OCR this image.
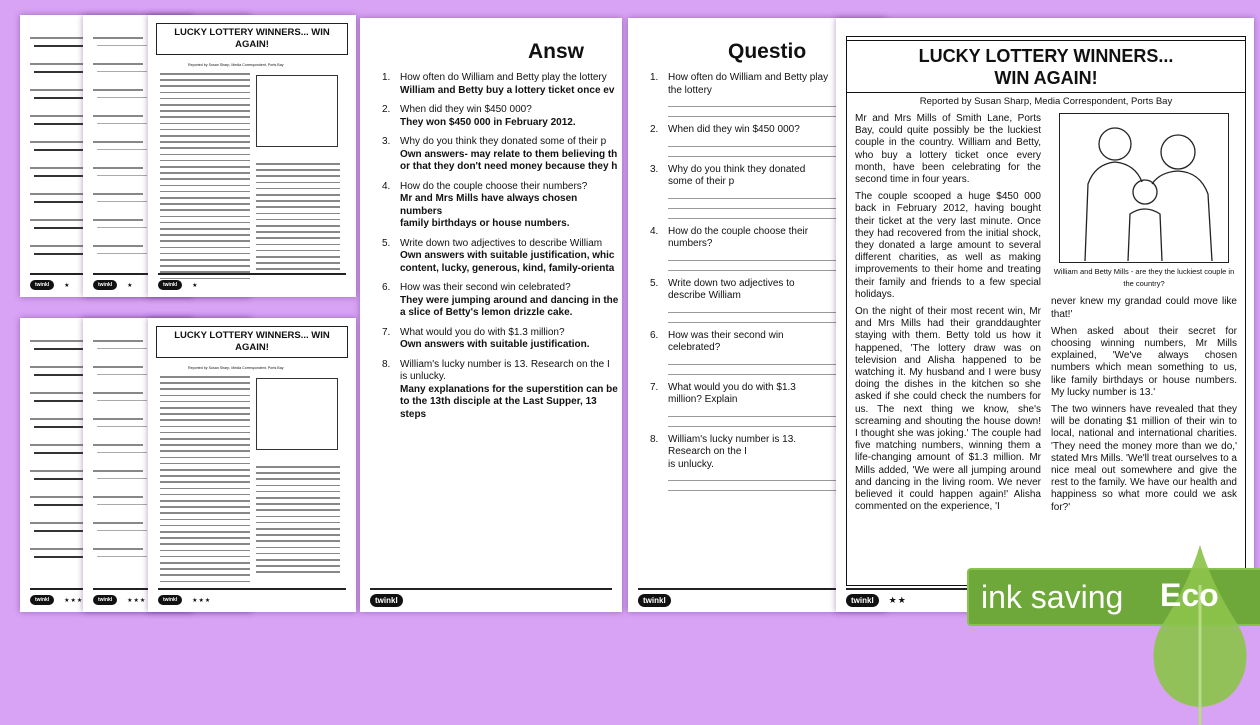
twinkl	★	twinkl	★
LUCKY LOTTERY WINNERS... WIN AGAIN!
Reported by Susan Sharp, Media Correspondent, Ports Bay
twinkl	★
twinkl	★★★	twinkl	★★★
LUCKY LOTTERY WINNERS... WIN AGAIN!
Reported by Susan Sharp, Media Correspondent, Ports Bay
twinkl	★★★
Answ
1. How often do William and Betty play the lottery
William and Betty buy a lottery ticket once ev
2. When did they win $450 000?
They won $450 000 in February 2012.
3. Why do you think they donated some of their p
Own answers- may relate to them believing th
or that they don't need money because they h
4. How do the couple choose their numbers?
Mr and Mrs Mills have always chosen numbers
family birthdays or house numbers.
5. Write down two adjectives to describe William
Own answers with suitable justification, whic
content, lucky, generous, kind, family-orienta
6. How was their second win celebrated?
They were jumping around and dancing in the
a slice of Betty's lemon drizzle cake.
7. What would you do with $1.3 million?
Own answers with suitable justification.
8. William's lucky number is 13. Research on the I
is unlucky.
Many explanations for the superstition can be
to the 13th disciple at the Last Supper, 13 steps
twinkl
Questio
1. How often do William and Betty play the lottery
2. When did they win $450 000?
3. Why do you think they donated some of their p
4. How do the couple choose their numbers?
5. Write down two adjectives to describe William
6. How was their second win celebrated?
7. What would you do with $1.3 million? Explain
8. William's lucky number is 13. Research on the I
is unlucky.
twinkl
LUCKY LOTTERY WINNERS...
WIN AGAIN!
Reported by Susan Sharp, Media Correspondent, Ports Bay

Mr and Mrs Mills of Smith Lane, Ports Bay, could quite possibly be the luckiest couple in the country. William and Betty, who buy a lottery ticket once every month, have been celebrating for the second time in four years.

The couple scooped a huge $450 000 back in February 2012, having bought their ticket at the very last minute. Once they had recovered from the initial shock, they donated a large amount to several different charities, as well as making improvements to their home and treating their family and friends to a few special holidays.

On the night of their most recent win, Mr and Mrs Mills had their granddaughter staying with them. Betty told us how it happened, 'The lottery draw was on television and Alisha happened to be watching it. My husband and I were busy doing the dishes in the kitchen so she asked if she could check the numbers for us. The next thing we know, she's screaming and shouting the house down! I thought she was joking.' The couple had five matching numbers, winning them a life-changing amount of $1.3 million. Mr Mills added, 'We were all jumping around and dancing in the living room. We never believed it could happen again!' Alisha commented on the experience, 'I

William and Betty Mills - are they the luckiest couple in the country?

never knew my grandad could move like that!'

When asked about their secret for choosing winning numbers, Mr Mills explained, 'We've always chosen numbers which mean something to us, like family birthdays or house numbers. My lucky number is 13.'

The two winners have revealed that they will be donating $1 million of their win to local, national and international charities. 'They need the money more than we do,' stated Mrs Mills. 'We'll treat ourselves to a nice meal out somewhere and give the rest to the family. We have our health and happiness so what more could we ask for?'

twinkl	★★ ink saving Eco
